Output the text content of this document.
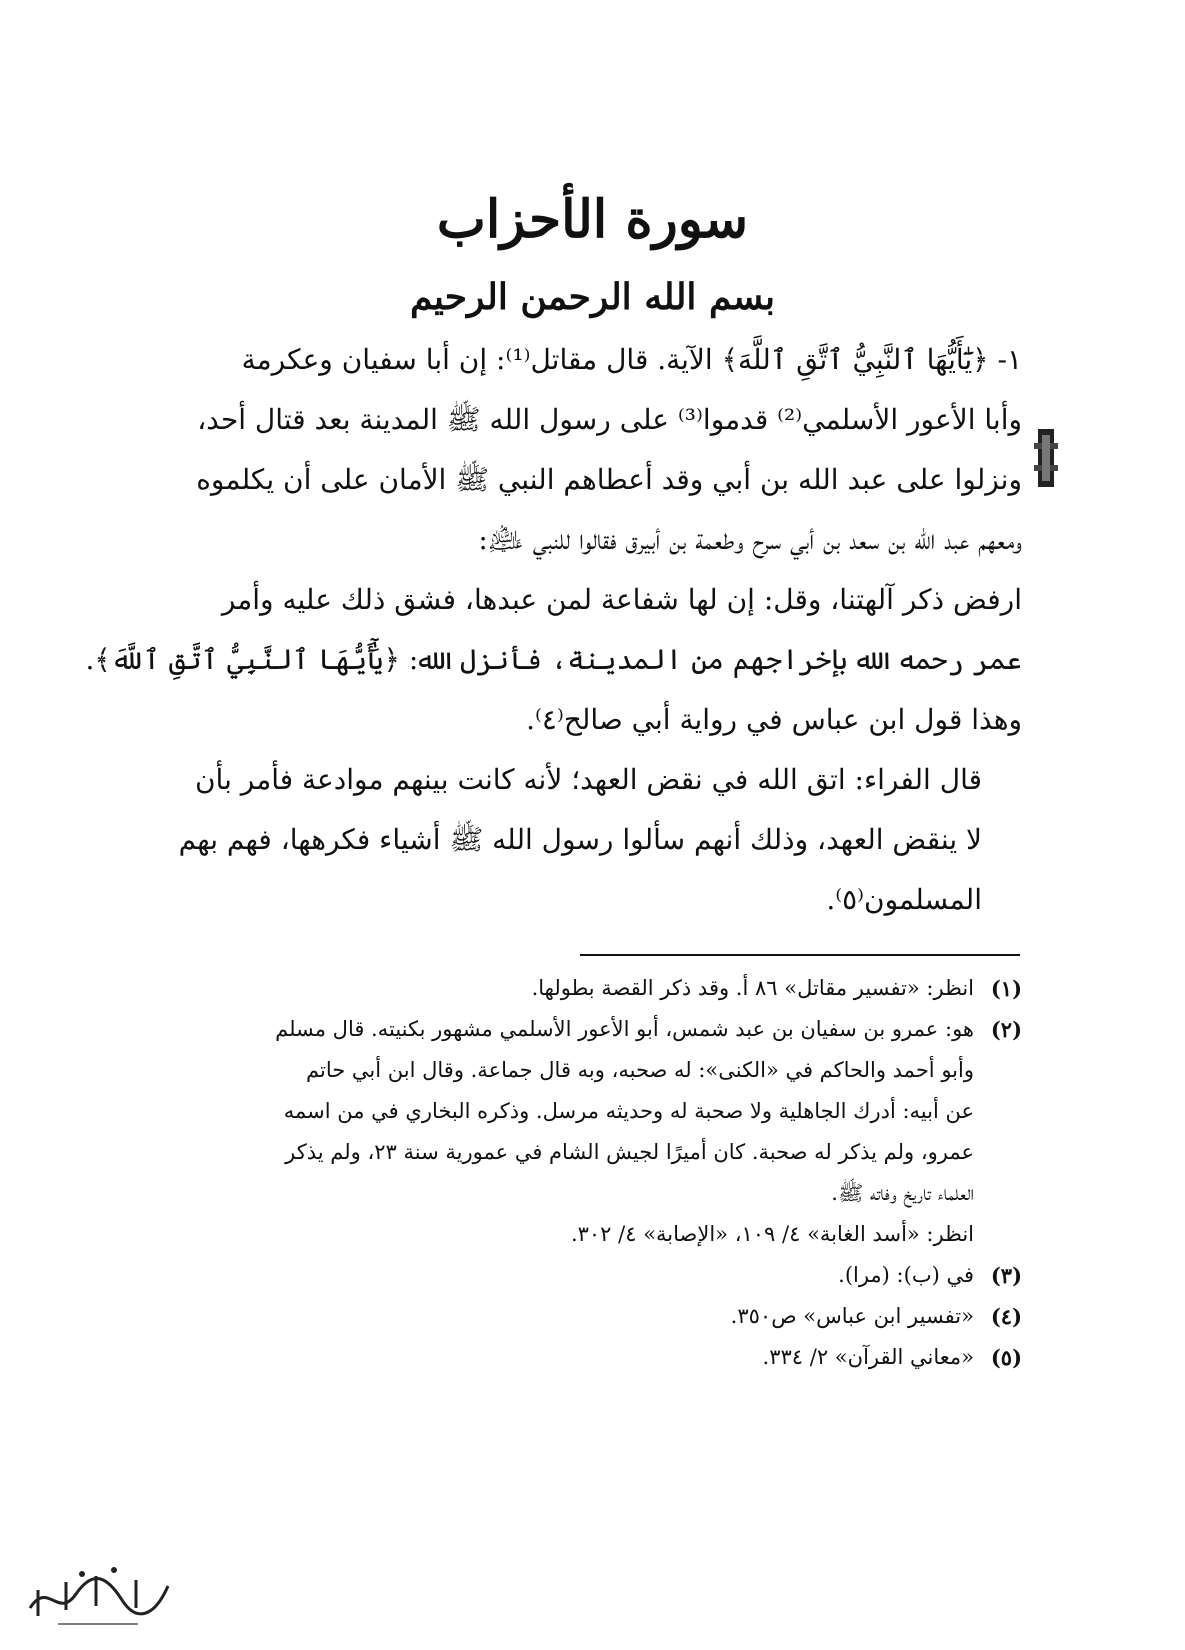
سورة الأحزاب
بسم الله الرحمن الرحيم

١- ﴿يَٰٓأَيُّهَا ٱلنَّبِيُّ ٱتَّقِ ٱللَّهَ﴾ الآية. قال مقاتل⁽¹⁾: إن أبا سفيان وعكرمة
وأبا الأعور الأسلمي⁽²⁾ قدموا⁽³⁾ على رسول الله ﷺ المدينة بعد قتال أحد،
ونزلوا على عبد الله بن أبي وقد أعطاهم النبي ﷺ الأمان على أن يكلموه
ومعهم عبد الله بن سعد بن أبي سرح وطعمة بن أبيرق فقالوا للنبي ﵇:
ارفض ذكر آلهتنا، وقل: إن لها شفاعة لمن عبدها، فشق ذلك عليه وأمر
عمر رحمه الله بإخراجهم من المدينة، فأنزل الله: ﴿يَٰٓأَيُّهَا ٱلنَّبِيُّ ٱتَّقِ ٱللَّهَ﴾.
وهذا قول ابن عباس في رواية أبي صالح⁽٤⁾.

قال الفراء: اتق الله في نقض العهد؛ لأنه كانت بينهم موادعة فأمر بأن
لا ينقض العهد، وذلك أنهم سألوا رسول الله ﷺ أشياء فكرهها، فهم بهم
المسلمون⁽٥⁾.

(١)
انظر: «تفسير مقاتل» ٨٦ أ. وقد ذكر القصة بطولها.
(٢)
هو: عمرو بن سفيان بن عبد شمس، أبو الأعور الأسلمي مشهور بكنيته. قال مسلم
وأبو أحمد والحاكم في «الكنى»: له صحبه، وبه قال جماعة. وقال ابن أبي حاتم
عن أبيه: أدرك الجاهلية ولا صحبة له وحديثه مرسل. وذكره البخاري في من اسمه
عمرو، ولم يذكر له صحبة. كان أميرًا لجيش الشام في عمورية سنة ٢٣، ولم يذكر
العلماء تاريخ وفاته ﷺ.
انظر: «أسد الغابة» ٤/ ١٠٩، «الإصابة» ٤/ ٣٠٢.
(٣)
في (ب): (مرا).
(٤)
«تفسير ابن عباس» ص٣٥٠.
(٥)
«معاني القرآن» ٢/ ٣٣٤.
